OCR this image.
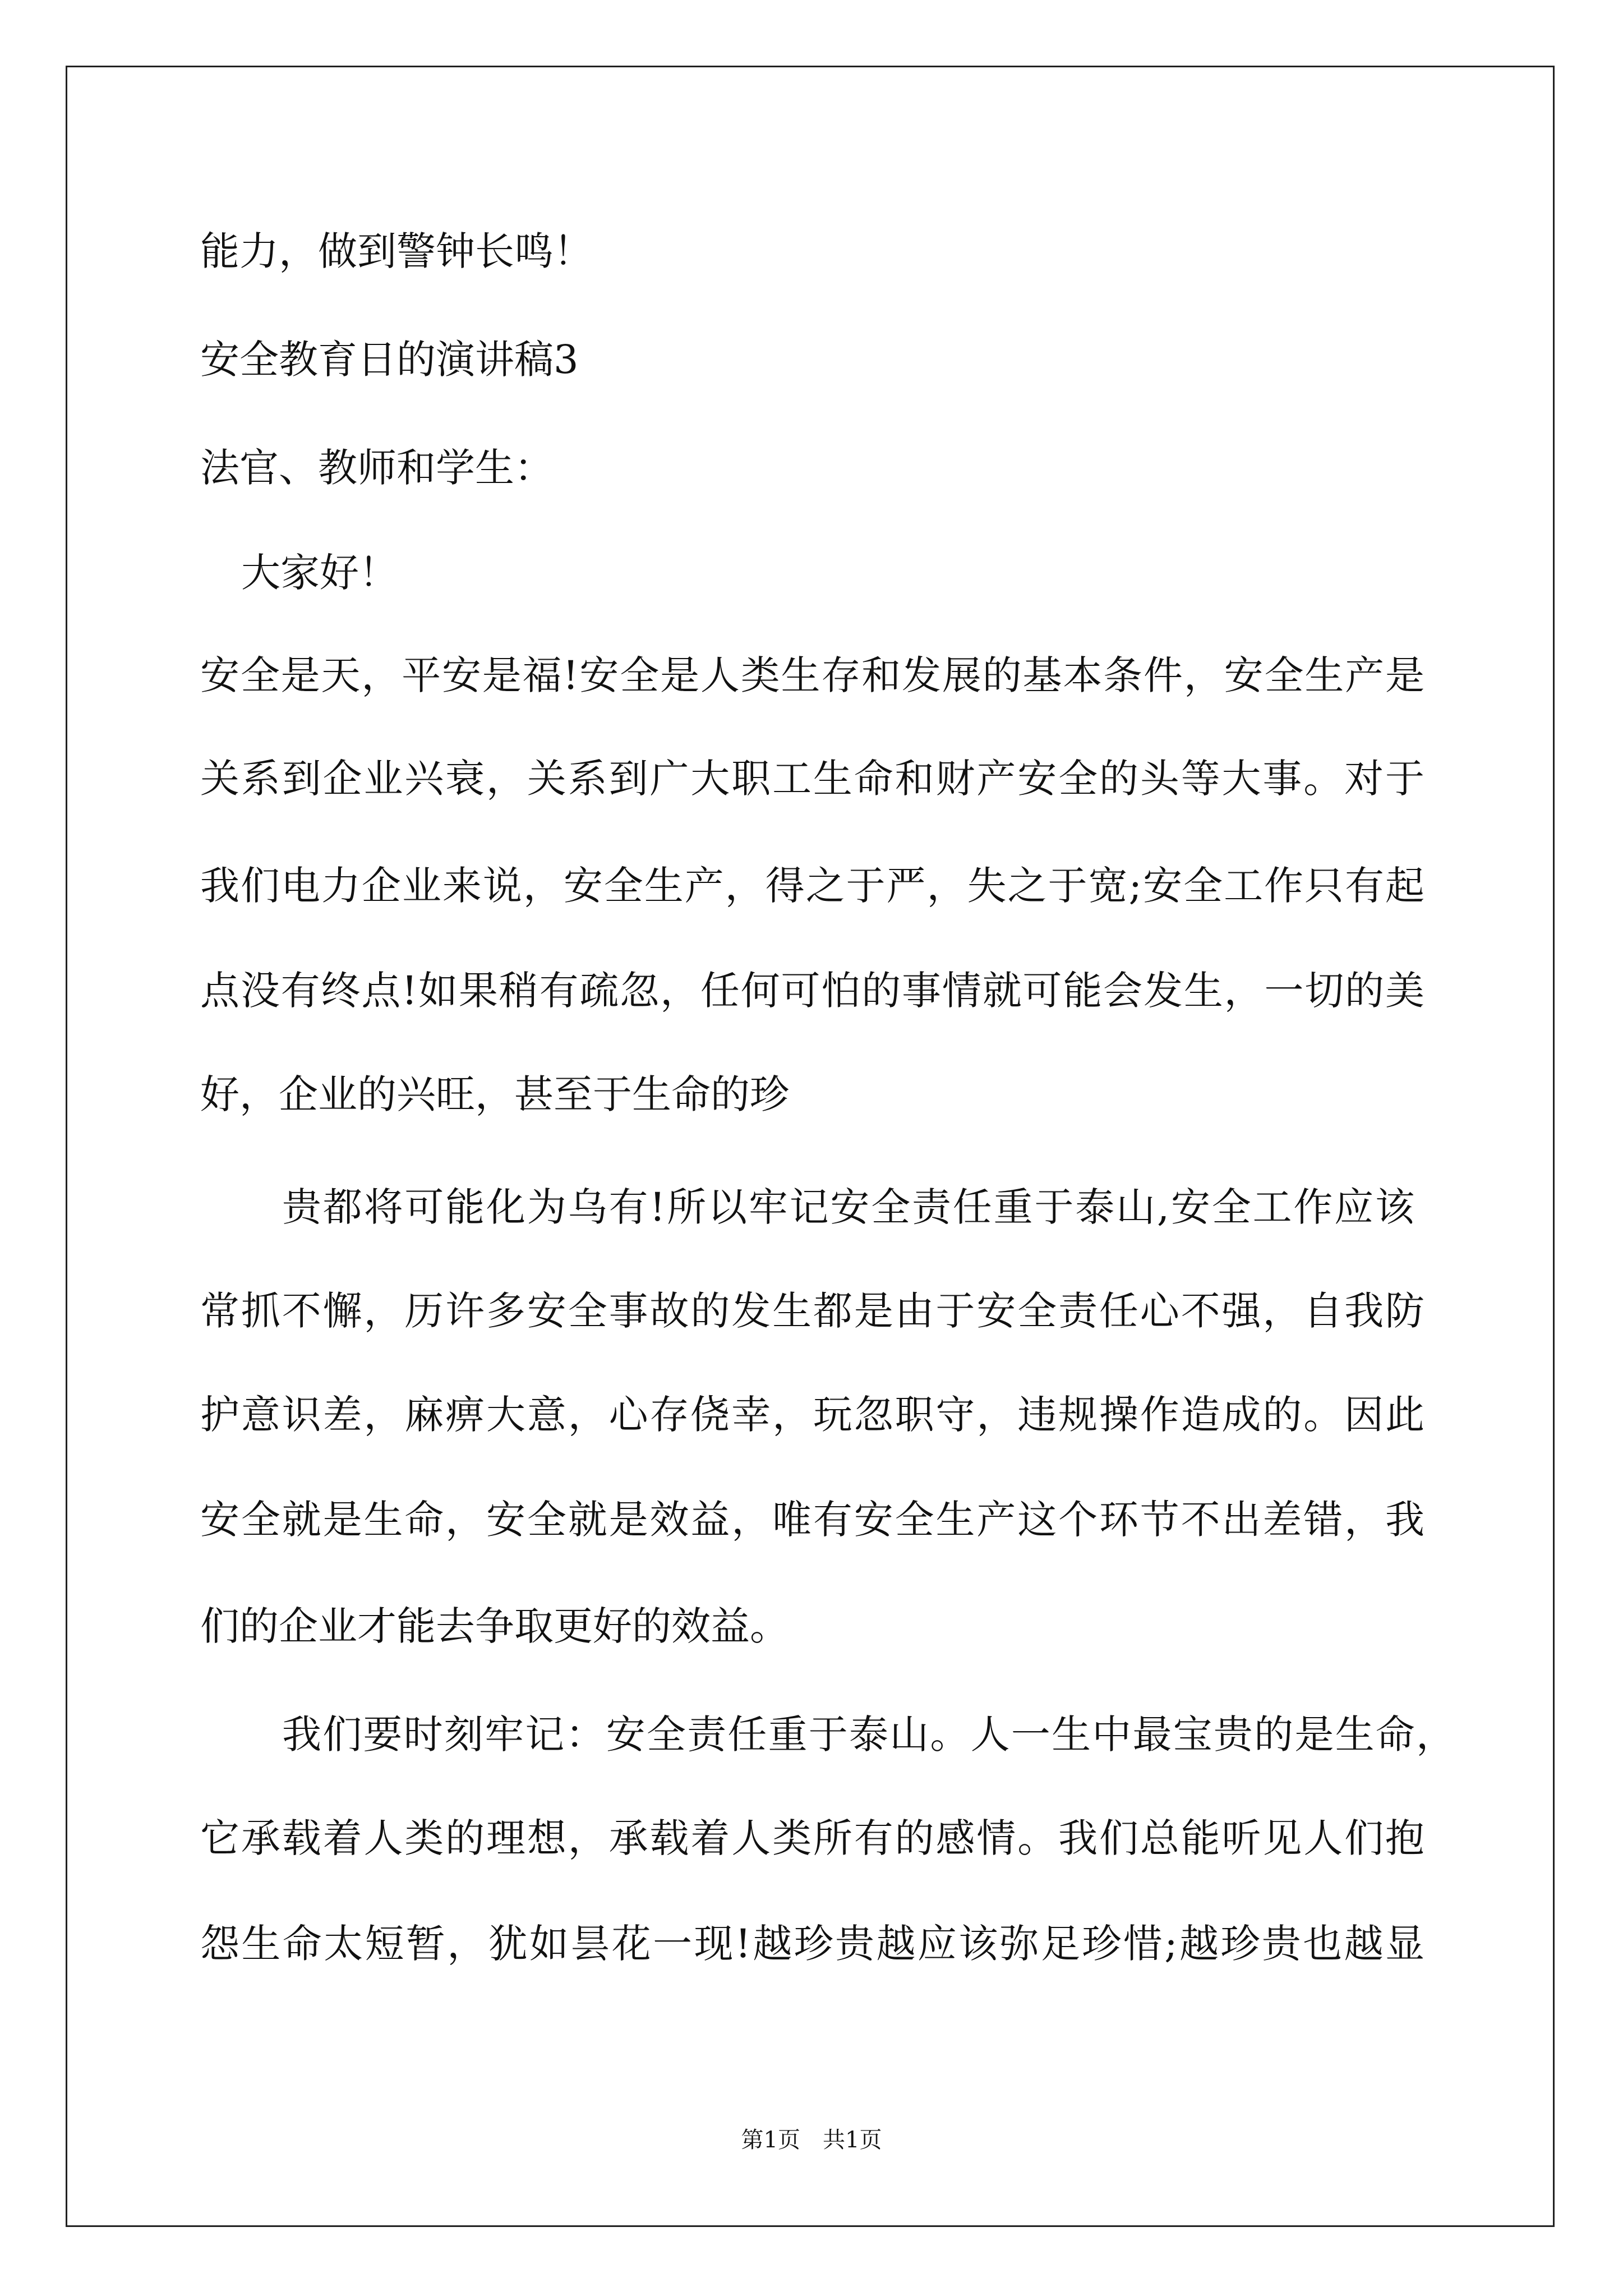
能力，做到警钟长鸣！
安全教育日的演讲稿3
法官、教师和学生：
大家好！
安全是天，平安是福!安全是人类生存和发展的基本条件，安全生产是
关系到企业兴衰，关系到广大职工生命和财产安全的头等大事。对于
我们电力企业来说，安全生产，得之于严，失之于宽;安全工作只有起
点没有终点!如果稍有疏忽，任何可怕的事情就可能会发生，一切的美
好，企业的兴旺，甚至于生命的珍
贵都将可能化为乌有!所以牢记安全责任重于泰山,安全工作应该
常抓不懈，历许多安全事故的发生都是由于安全责任心不强，自我防
护意识差，麻痹大意，心存侥幸，玩忽职守，违规操作造成的。因此
安全就是生命，安全就是效益，唯有安全生产这个环节不出差错，我
们的企业才能去争取更好的效益。
我们要时刻牢记：安全责任重于泰山。人一生中最宝贵的是生命，
它承载着人类的理想，承载着人类所有的感情。我们总能听见人们抱
怨生命太短暂，犹如昙花一现!越珍贵越应该弥足珍惜;越珍贵也越显
第1页　共1页
